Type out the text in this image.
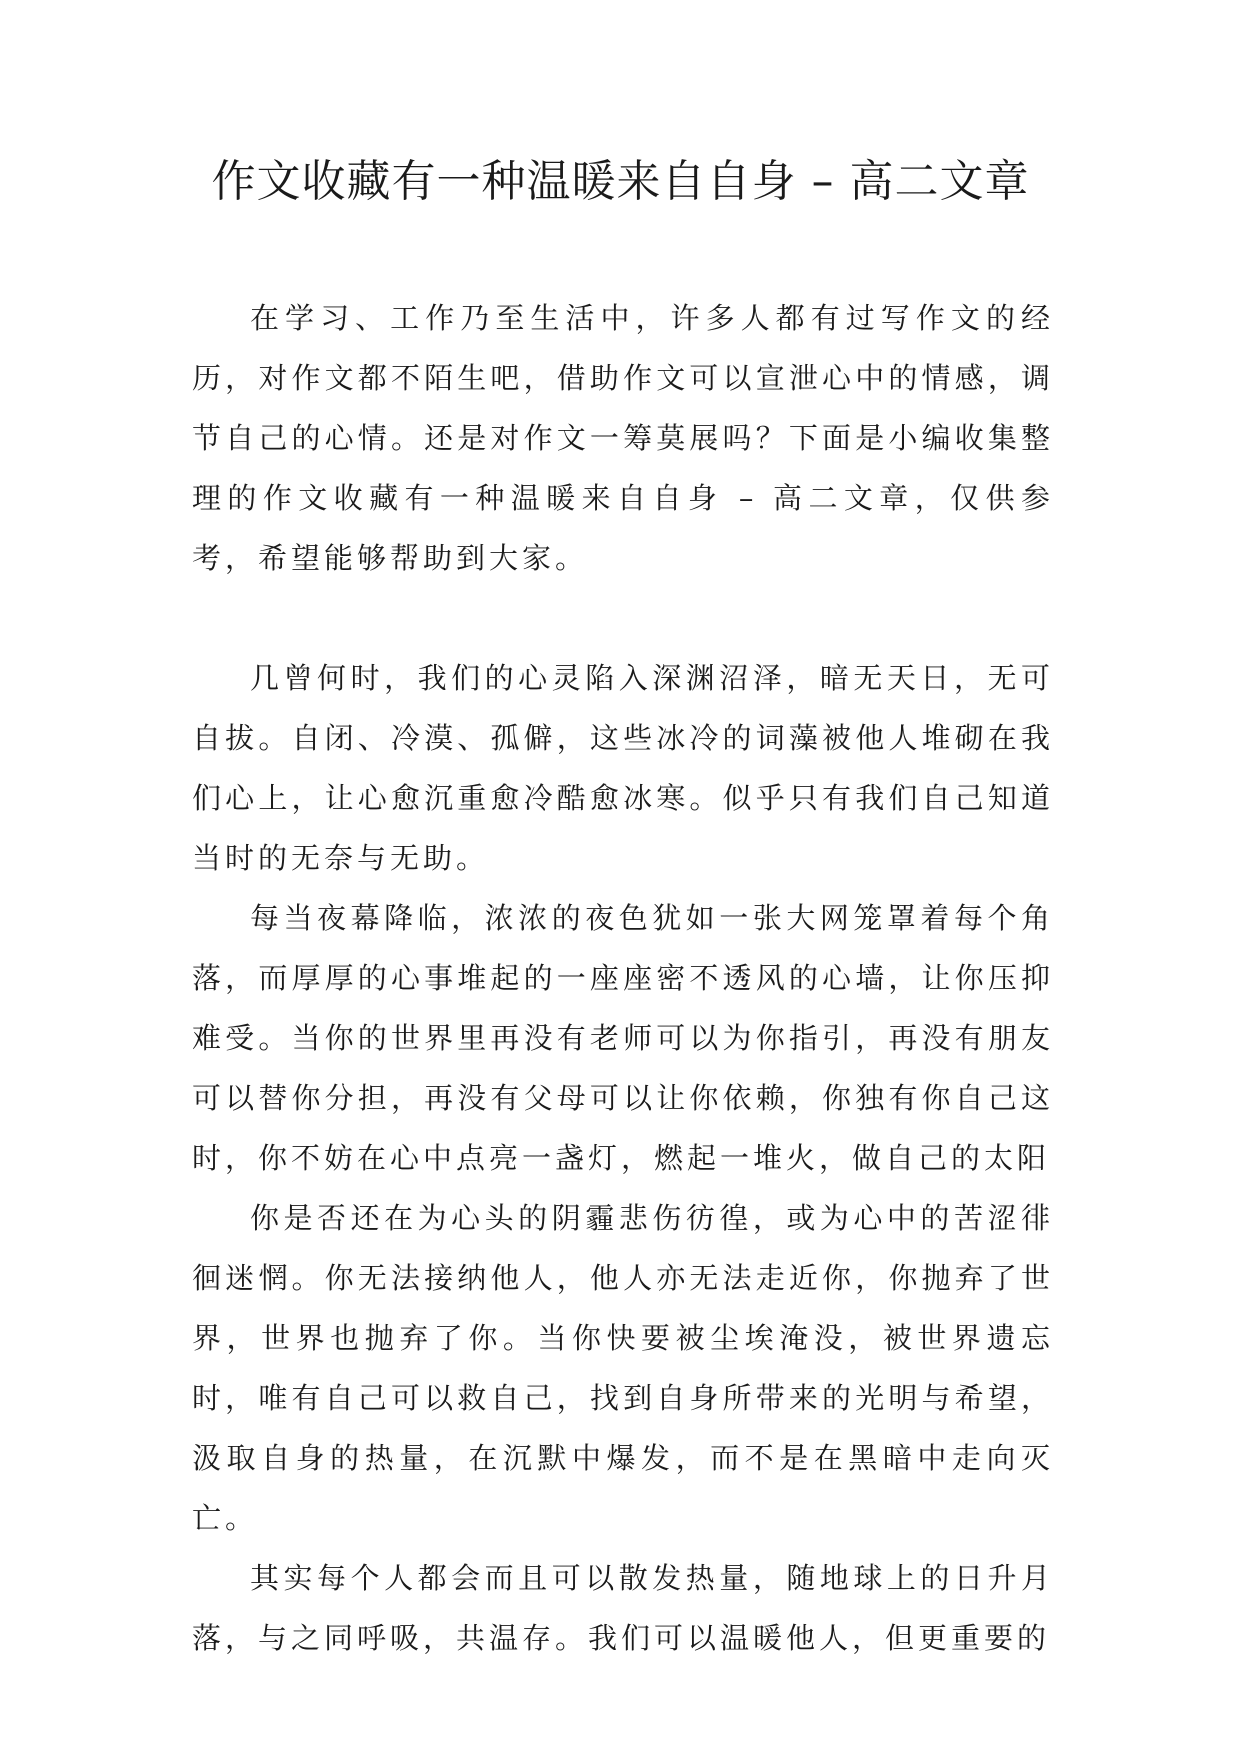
作文收藏有一种温暖来自自身 – 高二文章

在学习、工作乃至生活中，许多人都有过写作文的经历，对作文都不陌生吧，借助作文可以宣泄心中的情感，调节自己的心情。还是对作文一筹莫展吗？下面是小编收集整理的作文收藏有一种温暖来自自身 – 高二文章，仅供参考，希望能够帮助到大家。

几曾何时，我们的心灵陷入深渊沼泽，暗无天日，无可自拔。自闭、冷漠、孤僻，这些冰冷的词藻被他人堆砌在我们心上，让心愈沉重愈冷酷愈冰寒。似乎只有我们自己知道当时的无奈与无助。

每当夜幕降临，浓浓的夜色犹如一张大网笼罩着每个角落，而厚厚的心事堆起的一座座密不透风的心墙，让你压抑难受。当你的世界里再没有老师可以为你指引，再没有朋友可以替你分担，再没有父母可以让你依赖，你独有你自己这时，你不妨在心中点亮一盏灯，燃起一堆火，做自己的太阳

你是否还在为心头的阴霾悲伤彷徨，或为心中的苦涩徘徊迷惘。你无法接纳他人，他人亦无法走近你，你抛弃了世界，世界也抛弃了你。当你快要被尘埃淹没，被世界遗忘时，唯有自己可以救自己，找到自身所带来的光明与希望，汲取自身的热量，在沉默中爆发，而不是在黑暗中走向灭亡。

其实每个人都会而且可以散发热量，随地球上的日升月落，与之同呼吸，共温存。我们可以温暖他人，但更重要的
